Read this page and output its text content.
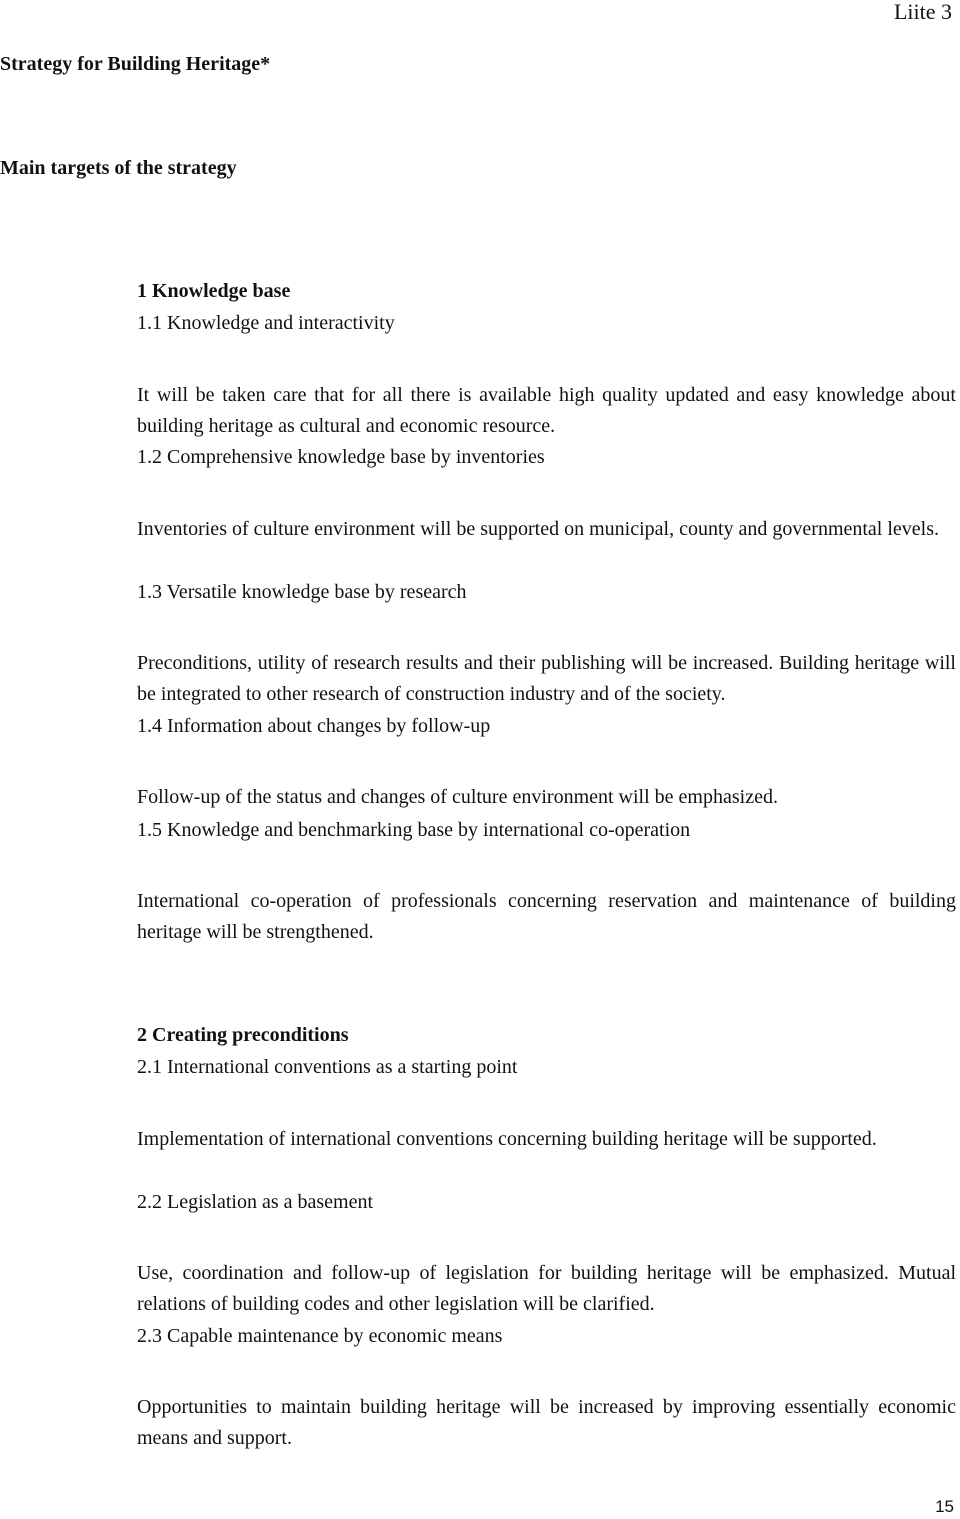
Liite 3
Strategy for Building Heritage*
Main targets of the strategy
1 Knowledge base
1.1 Knowledge and interactivity

It will be taken care that for all there is available high quality updated and easy knowledge about building heritage as cultural and economic resource.

1.2 Comprehensive knowledge base by inventories

Inventories of culture environment will be supported on municipal, county and governmental levels.

1.3 Versatile knowledge base by research

Preconditions, utility of research results and their publishing will be increased. Building heritage will be integrated to other research of construction industry and of the society.

1.4 Information about changes by follow-up

Follow-up of the status and changes of culture environment will be emphasized.

1.5 Knowledge and benchmarking base by international co-operation

International co-operation of professionals concerning reservation and maintenance of building heritage will be strengthened.

2 Creating preconditions
2.1 International conventions as a starting point

Implementation of international conventions concerning building heritage will be supported.

2.2 Legislation as a basement

Use, coordination and follow-up of legislation for building heritage will be emphasized. Mutual relations of building codes and other legislation will be clarified.

2.3 Capable maintenance by economic means

Opportunities to maintain building heritage will be increased by improving essentially economic means and support.

15
